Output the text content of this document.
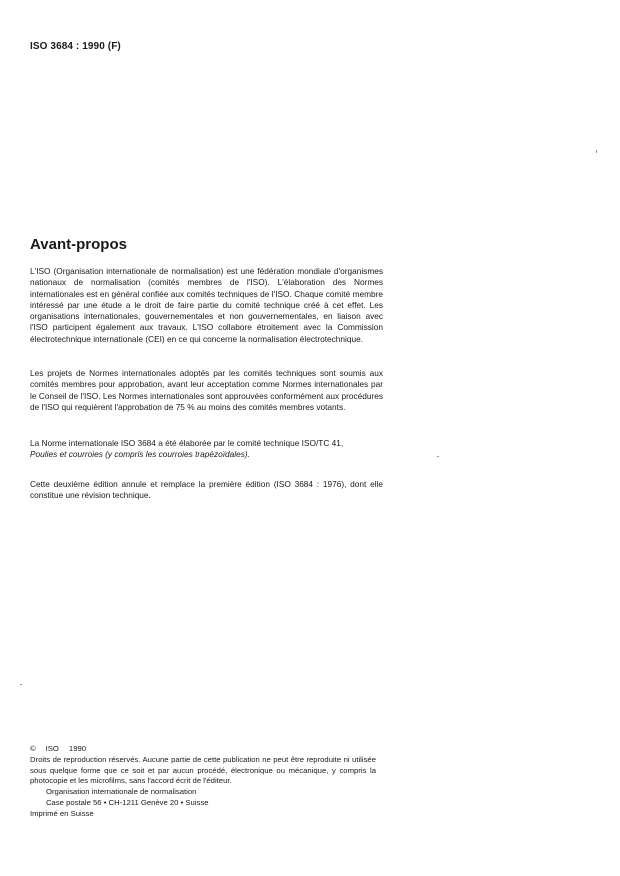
ISO 3684 : 1990 (F)
Avant-propos

L'ISO (Organisation internationale de normalisation) est une fédération mondiale d'organismes nationaux de normalisation (comités membres de l'ISO). L'élaboration des Normes internationales est en général confiée aux comités techniques de l'ISO. Chaque comité membre intéressé par une étude a le droit de faire partie du comité technique créé à cet effet. Les organisations internationales, gouvernementales et non gouvernementales, en liaison avec l'ISO participent également aux travaux. L'ISO collabore étroitement avec la Commission électrotechnique internationale (CEI) en ce qui concerne la normalisation électrotechnique.

Les projets de Normes internationales adoptés par les comités techniques sont soumis aux comités membres pour approbation, avant leur acceptation comme Normes internationales par le Conseil de l'ISO. Les Normes internationales sont approuvées conformément aux procédures de l'ISO qui requièrent l'approbation de 75 % au moins des comités membres votants.

La Norme internationale ISO 3684 a été élaborée par le comité technique ISO/TC 41,
Poulies et courroies (y compris les courroies trapézoïdales).

Cette deuxième édition annule et remplace la première édition (ISO 3684 : 1976), dont elle constitue une révision technique.

© ISO 1990

Droits de reproduction réservés. Aucune partie de cette publication ne peut être reproduite ni utilisée sous quelque forme que ce soit et par aucun procédé, électronique ou mécanique, y compris la photocopie et les microfilms, sans l'accord écrit de l'éditeur.

Organisation internationale de normalisation

Case postale 56 • CH-1211 Genève 20 • Suisse

Imprimé en Suisse
